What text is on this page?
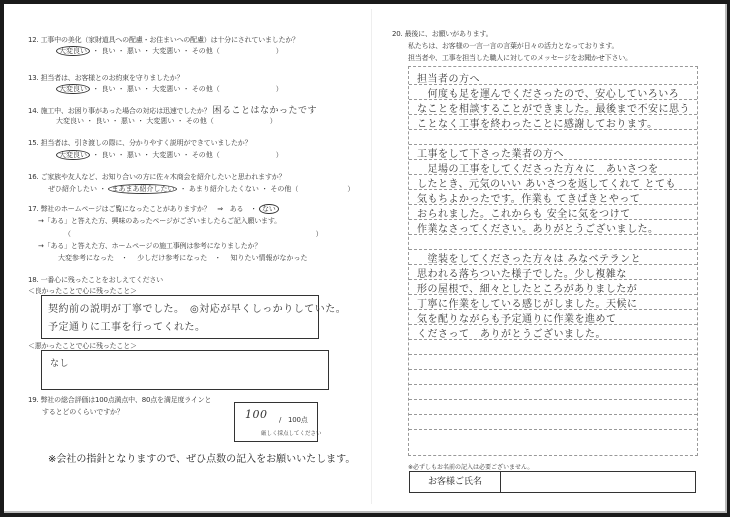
12. 工事中の美化（家財道具への配慮・お住まいへの配慮）は十分にされていましたか？
大変良い ・ 良い ・ 悪い ・ 大変悪い ・ その他（　　　　　　　　）
13. 担当者は、お客様とのお約束を守りましたか？
大変良い ・ 良い ・ 悪い ・ 大変悪い ・ その他（　　　　　　　　）
14. 施工中、お困り事があった場合の対応は迅速でしたか？ 困ることはなかったです
大変良い ・ 良い ・ 悪い ・ 大変悪い ・ その他（　　　　　　　　）
15. 担当者は、引き渡しの際に、分かりやすく説明ができていましたか？
大変良い ・ 良い ・ 悪い ・ 大変悪い ・ その他（　　　　　　　　）
16. ご家族や友人など、お知り合いの方に佐々木商会を紹介したいと思われますか？
ぜひ紹介したい ・ まあまあ紹介したい ・ あまり紹介したくない ・ その他（　　　　　　　）
17. 弊社のホームページはご覧になったことがありますか？　⇒　ある　・ ない
→「ある」と答えた方、興味のあったページがございましたらご記入願います。
（　　　　　　　　　　　　　　　　　　　　　　　　　　　　　　　　　　　　）
→「ある」と答えた方、ホームページの施工事例は参考になりましたか？
大変参考になった　・　 少しだけ参考になった　・　 知りたい情報がなかった
18. 一番心に残ったことをおしえてください
＜良かったことで心に残ったこと＞
契約前の説明が丁寧でした。　◎対応が早くしっかりしていた。
予定通りに工事を行ってくれた。
＜悪かったことで心に残ったこと＞
なし
19. 弊社の総合評価は100点満点中、80点を満足度ラインと
するとどのくらいですか？	100 /　100点
厳しく採点してください
※会社の指針となりますので、ぜひ点数の記入をお願いいたします。
20. 最後に、お願いがあります。
私たちは、お客様の一言一言の言葉が日々の活力となっております。
担当者や、工事を担当した職人に対してのメッセージをお聞かせ下さい。
担当者の方へ
　何度も足を運んでくださったので、安心していろいろ
なことを相談することができました。最後まで不安に思う
ことなく工事を終わったことに感謝しております。
工事をして下さった業者の方へ
　足場の工事をしてくださった方々に　あいさつを
したとき、元気のいい あいさつを返してくれて とても
気もちよかったです。作業も てきぱきとやって
おられました。これからも 安全に気をつけて
作業なさってください。ありがとうございました。
　塗装をしてくださった方々は みなベテランと
思われる落ちついた様子でした。少し複雑な
形の屋根で、細々としたところがありましたが
丁寧に作業をしている感じがしました。天候に
気を配りながらも予定通りに作業を進めて
くださって　ありがとうございました。
※必ずしもお名前の記入は必要ございません。
お客様ご氏名
